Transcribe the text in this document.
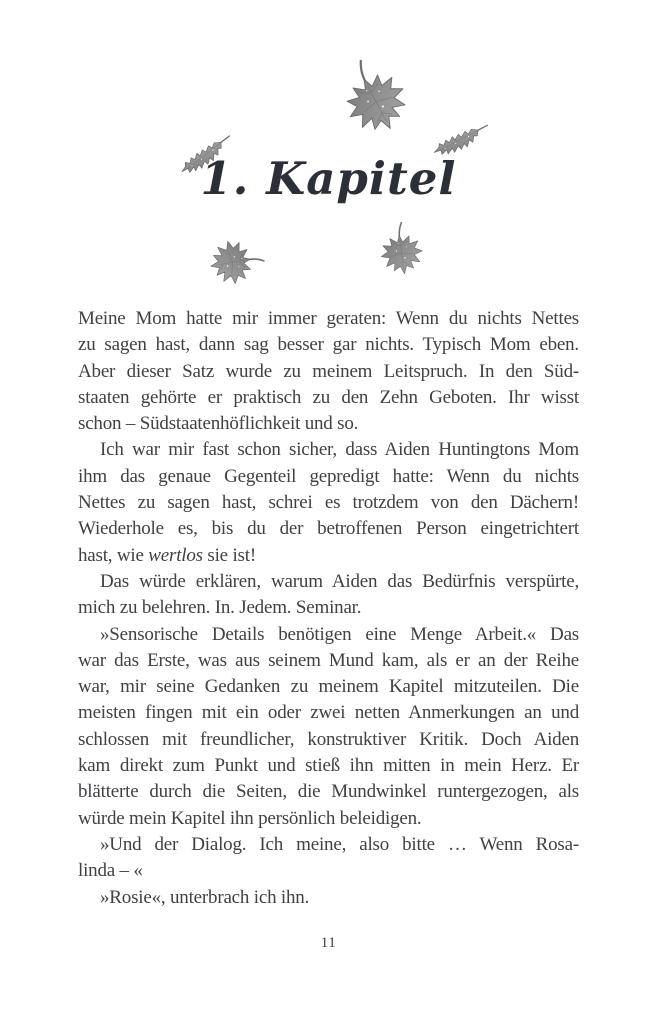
1. Kapitel
Meine Mom hatte mir immer geraten: Wenn du nichts Nettes
zu sagen hast, dann sag besser gar nichts. Typisch Mom eben.
Aber dieser Satz wurde zu meinem Leitspruch. In den Süd-
staaten gehörte er praktisch zu den Zehn Geboten. Ihr wisst
schon – Südstaatenhöflichkeit und so.
Ich war mir fast schon sicher, dass Aiden Huntingtons Mom
ihm das genaue Gegenteil gepredigt hatte: Wenn du nichts
Nettes zu sagen hast, schrei es trotzdem von den Dächern!
Wiederhole es, bis du der betroffenen Person eingetrichtert
hast, wie wertlos sie ist!
Das würde erklären, warum Aiden das Bedürfnis verspürte,
mich zu belehren. In. Jedem. Seminar.
»Sensorische Details benötigen eine Menge Arbeit.« Das
war das Erste, was aus seinem Mund kam, als er an der Reihe
war, mir seine Gedanken zu meinem Kapitel mitzuteilen. Die
meisten fingen mit ein oder zwei netten Anmerkungen an und
schlossen mit freundlicher, konstruktiver Kritik. Doch Aiden
kam direkt zum Punkt und stieß ihn mitten in mein Herz. Er
blätterte durch die Seiten, die Mundwinkel runtergezogen, als
würde mein Kapitel ihn persönlich beleidigen.
»Und der Dialog. Ich meine, also bitte … Wenn Rosa-
linda – «
»Rosie«, unterbrach ich ihn.
11
